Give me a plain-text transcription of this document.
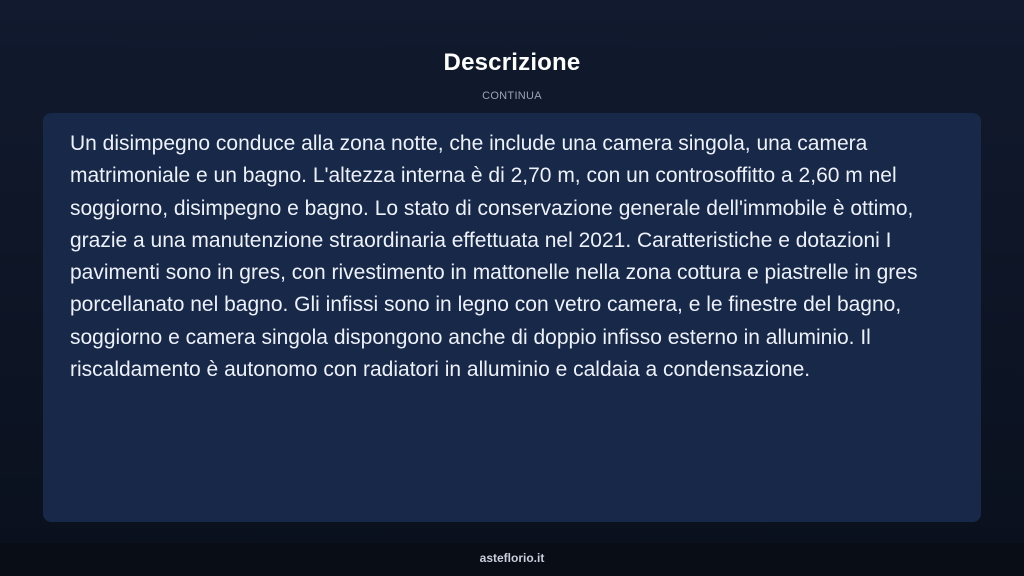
Descrizione
CONTINUA

Un disimpegno conduce alla zona notte, che include una camera singola, una camera matrimoniale e un bagno. L'altezza interna è di 2,70 m, con un controsoffitto a 2,60 m nel soggiorno, disimpegno e bagno. Lo stato di conservazione generale dell'immobile è ottimo, grazie a una manutenzione straordinaria effettuata nel 2021. Caratteristiche e dotazioni I pavimenti sono in gres, con rivestimento in mattonelle nella zona cottura e piastrelle in gres porcellanato nel bagno. Gli infissi sono in legno con vetro camera, e le finestre del bagno, soggiorno e camera singola dispongono anche di doppio infisso esterno in alluminio. Il riscaldamento è autonomo con radiatori in alluminio e caldaia a condensazione.

asteflorio.it
